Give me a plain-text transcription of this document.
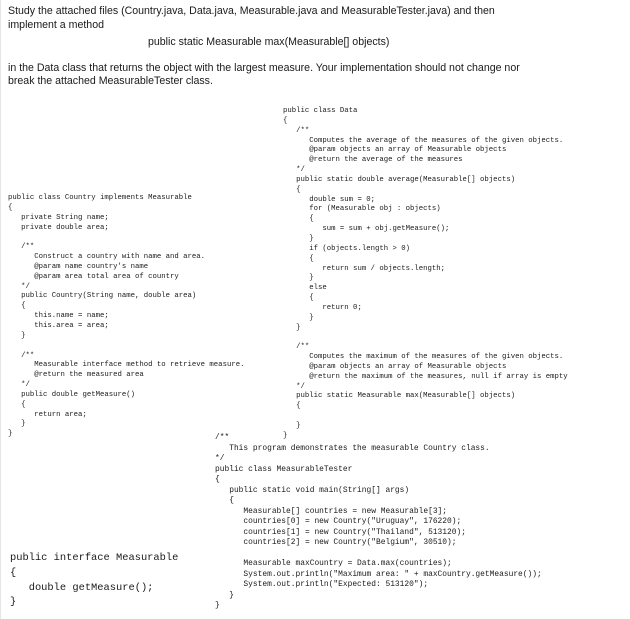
Study the attached files (Country.java, Data.java, Measurable.java and MeasurableTester.java) and then
implement a method
public static Measurable max(Measurable[] objects)
in the Data class that returns the object with the largest measure. Your implementation should not change nor
break the attached MeasurableTester class.
public class Data
{
/**
Computes the average of the measures of the given objects.
@param objects an array of Measurable objects
@return the average of the measures
*/
public static double average(Measurable[] objects)
{
double sum = 0;
for (Measurable obj : objects)
{
sum = sum + obj.getMeasure();
}
if (objects.length > 0)
{
return sum / objects.length;
}
else
{
return 0;
}
}

/**
Computes the maximum of the measures of the given objects.
@param objects an array of Measurable objects
@return the maximum of the measures, null if array is empty
*/
public static Measurable max(Measurable[] objects)
{

}
}
public class Country implements Measurable
{
private String name;
private double area;

/**
Construct a country with name and area.
@param name country's name
@param area total area of country
*/
public Country(String name, double area)
{
this.name = name;
this.area = area;
}

/**
Measurable interface method to retrieve measure.
@return the measured area
*/
public double getMeasure()
{
return area;
}
}	/**
This program demonstrates the measurable Country class.
*/
public class MeasurableTester
{
public static void main(String[] args)
{
Measurable[] countries = new Measurable[3];
countries[0] = new Country("Uruguay", 176220);
countries[1] = new Country("Thailand", 513120);
countries[2] = new Country("Belgium", 30510);

Measurable maxCountry = Data.max(countries);
System.out.println("Maximum area: " + maxCountry.getMeasure());
System.out.println("Expected: 513120");
}
}
public interface Measurable
{
double getMeasure();
}
